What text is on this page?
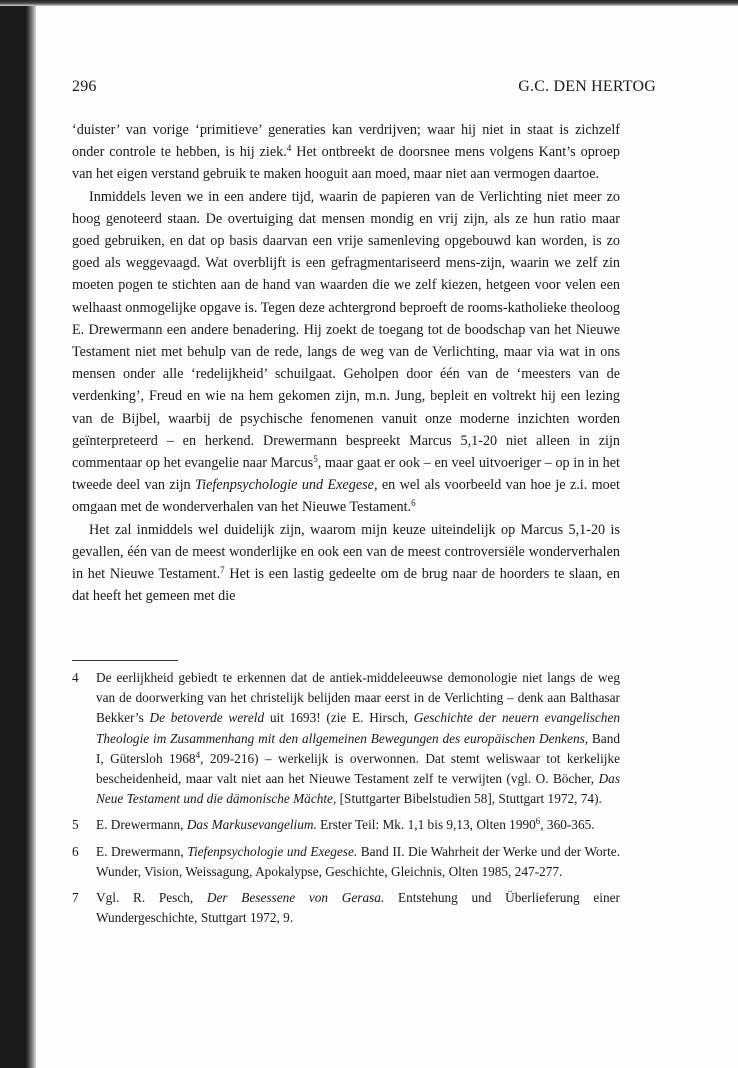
296	G.C. DEN HERTOG

‘duister’ van vorige ‘primitieve’ generaties kan verdrijven; waar hij niet in staat is zichzelf onder controle te hebben, is hij ziek.$^4$ Het ontbreekt de doorsnee mens volgens Kant’s oproep van het eigen verstand gebruik te maken hooguit aan moed, maar niet aan vermogen daartoe.

Inmiddels leven we in een andere tijd, waarin de papieren van de Verlichting niet meer zo hoog genoteerd staan. De overtuiging dat mensen mondig en vrij zijn, als ze hun ratio maar goed gebruiken, en dat op basis daarvan een vrije samenleving opgebouwd kan worden, is zo goed als weggevaagd. Wat overblijft is een gefragmentariseerd mens-zijn, waarin we zelf zin moeten pogen te stichten aan de hand van waarden die we zelf kiezen, hetgeen voor velen een welhaast onmogelijke opgave is. Tegen deze achtergrond beproeft de rooms-katholieke theoloog E. Drewermann een andere benadering. Hij zoekt de toegang tot de boodschap van het Nieuwe Testament niet met behulp van de rede, langs de weg van de Verlichting, maar via wat in ons mensen onder alle ‘redelijkheid’ schuilgaat. Geholpen door één van de ‘meesters van de verdenking’, Freud en wie na hem gekomen zijn, m.n. Jung, bepleit en voltrekt hij een lezing van de Bijbel, waarbij de psychische fenomenen vanuit onze moderne inzichten worden geïnterpreteerd – en herkend. Drewermann bespreekt Marcus 5,1-20 niet alleen in zijn commentaar op het evangelie naar Marcus$^5$, maar gaat er ook – en veel uitvoeriger – op in in het tweede deel van zijn Tiefenpsychologie und Exegese, en wel als voorbeeld van hoe je z.i. moet omgaan met de wonderverhalen van het Nieuwe Testament.$^6$

Het zal inmiddels wel duidelijk zijn, waarom mijn keuze uiteindelijk op Marcus 5,1-20 is gevallen, één van de meest wonderlijke en ook een van de meest controversiële wonderverhalen in het Nieuwe Testament.$^7$ Het is een lastig gedeelte om de brug naar de hoorders te slaan, en dat heeft het gemeen met die

4	De eerlijkheid gebiedt te erkennen dat de antiek-middeleeuwse demonologie niet langs de weg van de doorwerking van het christelijk belijden maar eerst in de Verlichting – denk aan Balthasar Bekker’s De betoverde wereld uit 1693! (zie E. Hirsch, Geschichte der neuern evangelischen Theologie im Zusammenhang mit den allgemeinen Bewegungen des europäischen Denkens, Band I, Gütersloh 1968$^4$, 209-216) – werkelijk is overwonnen. Dat stemt weliswaar tot kerkelijke bescheidenheid, maar valt niet aan het Nieuwe Testament zelf te verwijten (vgl. O. Böcher, Das Neue Testament und die dämonische Mächte, [Stuttgarter Bibelstudien 58], Stuttgart 1972, 74).
5	E. Drewermann, Das Markusevangelium. Erster Teil: Mk. 1,1 bis 9,13, Olten 1990$^6$, 360-365.
6	E. Drewermann, Tiefenpsychologie und Exegese. Band II. Die Wahrheit der Werke und der Worte. Wunder, Vision, Weissagung, Apokalypse, Geschichte, Gleichnis, Olten 1985, 247-277.
7	Vgl. R. Pesch, Der Besessene von Gerasa. Entstehung und Überlieferung einer Wundergeschichte, Stuttgart 1972, 9.
